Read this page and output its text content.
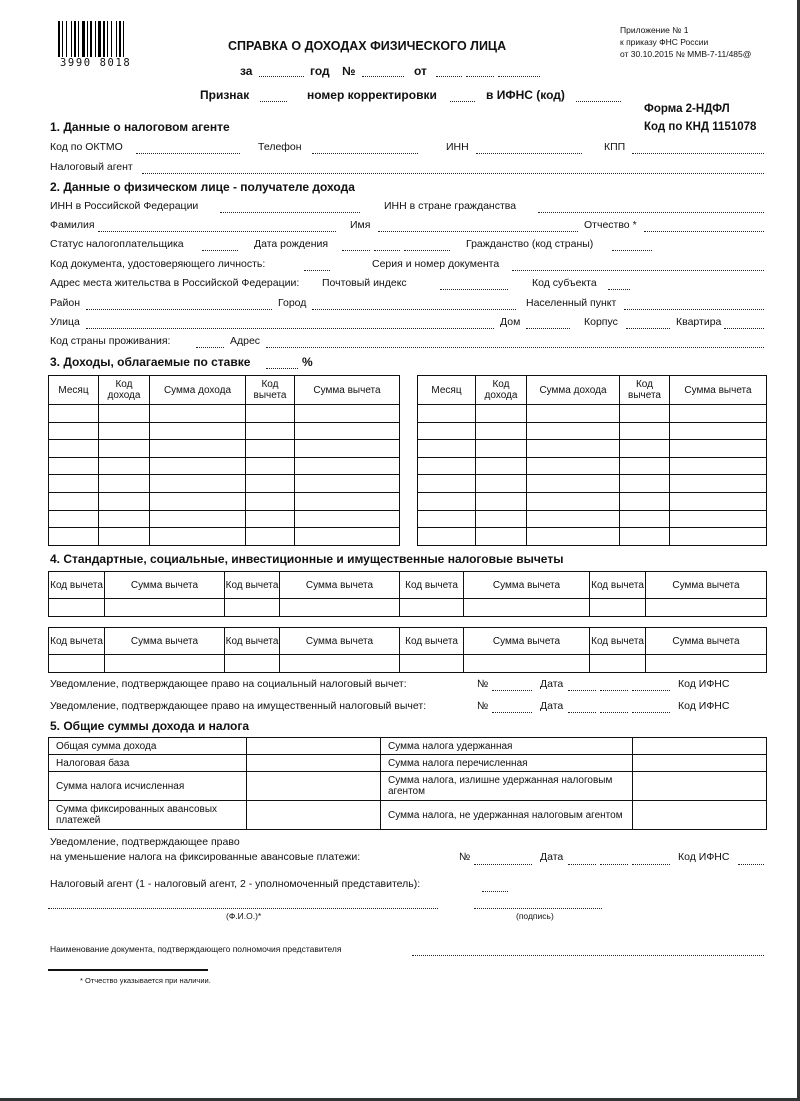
3990 8018
Приложение № 1
к приказу ФНС России
от 30.10.2015 № ММВ-7-11/485@
СПРАВКА О ДОХОДАХ ФИЗИЧЕСКОГО ЛИЦА
за	год №	от
Признак	номер корректировки	в ИФНС (код)
Форма 2-НДФЛ
Код по КНД 1151078
1. Данные о налоговом агенте
Код по ОКТМО	Телефон	ИНН	КПП
Налоговый агент
2. Данные о физическом лице - получателе дохода
ИНН в Российской Федерации	ИНН в стране гражданства
Фамилия	Имя	Отчество *
Статус налогоплательщика	Дата рождения	Гражданство (код страны)
Код документа, удостоверяющего личность:	Серия и номер документа
Адрес места жительства в Российской Федерации: Почтовый индекс	Код субъекта
Район	Город	Населенный пункт
Улица	Дом	Корпус	Квартира
Код страны проживания:	Адрес
3. Доходы, облагаемые по ставке	%
Месяц	Код дохода	Сумма дохода	Код вычета	Сумма вычета

					Месяц	Код дохода	Сумма дохода	Код вычета	Сумма вычета

4. Стандартные, социальные, инвестиционные и имущественные налоговые вычеты
Код вычета	Сумма вычета	Код вычета	Сумма вычета	Код вычета	Сумма вычета	Код вычета	Сумма вычета

Код вычета	Сумма вычета	Код вычета	Сумма вычета	Код вычета	Сумма вычета	Код вычета	Сумма вычета

Уведомление, подтверждающее право на социальный налоговый вычет:	№	Дата	Код ИФНС
Уведомление, подтверждающее право на имущественный налоговый вычет:	№	Дата	Код ИФНС
5. Общие суммы дохода и налога
Общая сумма дохода		Сумма налога удержанная	
Налоговая база		Сумма налога перечисленная	
Сумма налога исчисленная		Сумма налога, излишне удержанная налоговым агентом	
Сумма фиксированных авансовых платежей		Сумма налога, не удержанная налоговым агентом	
Уведомление, подтверждающее право
на уменьшение налога на фиксированные авансовые платежи:	№	Дата	Код ИФНС
Налоговый агент (1 - налоговый агент, 2 - уполномоченный представитель):
(Ф.И.О.)*	(подпись)
Наименование документа, подтверждающего полномочия представителя
* Отчество указывается при наличии.
